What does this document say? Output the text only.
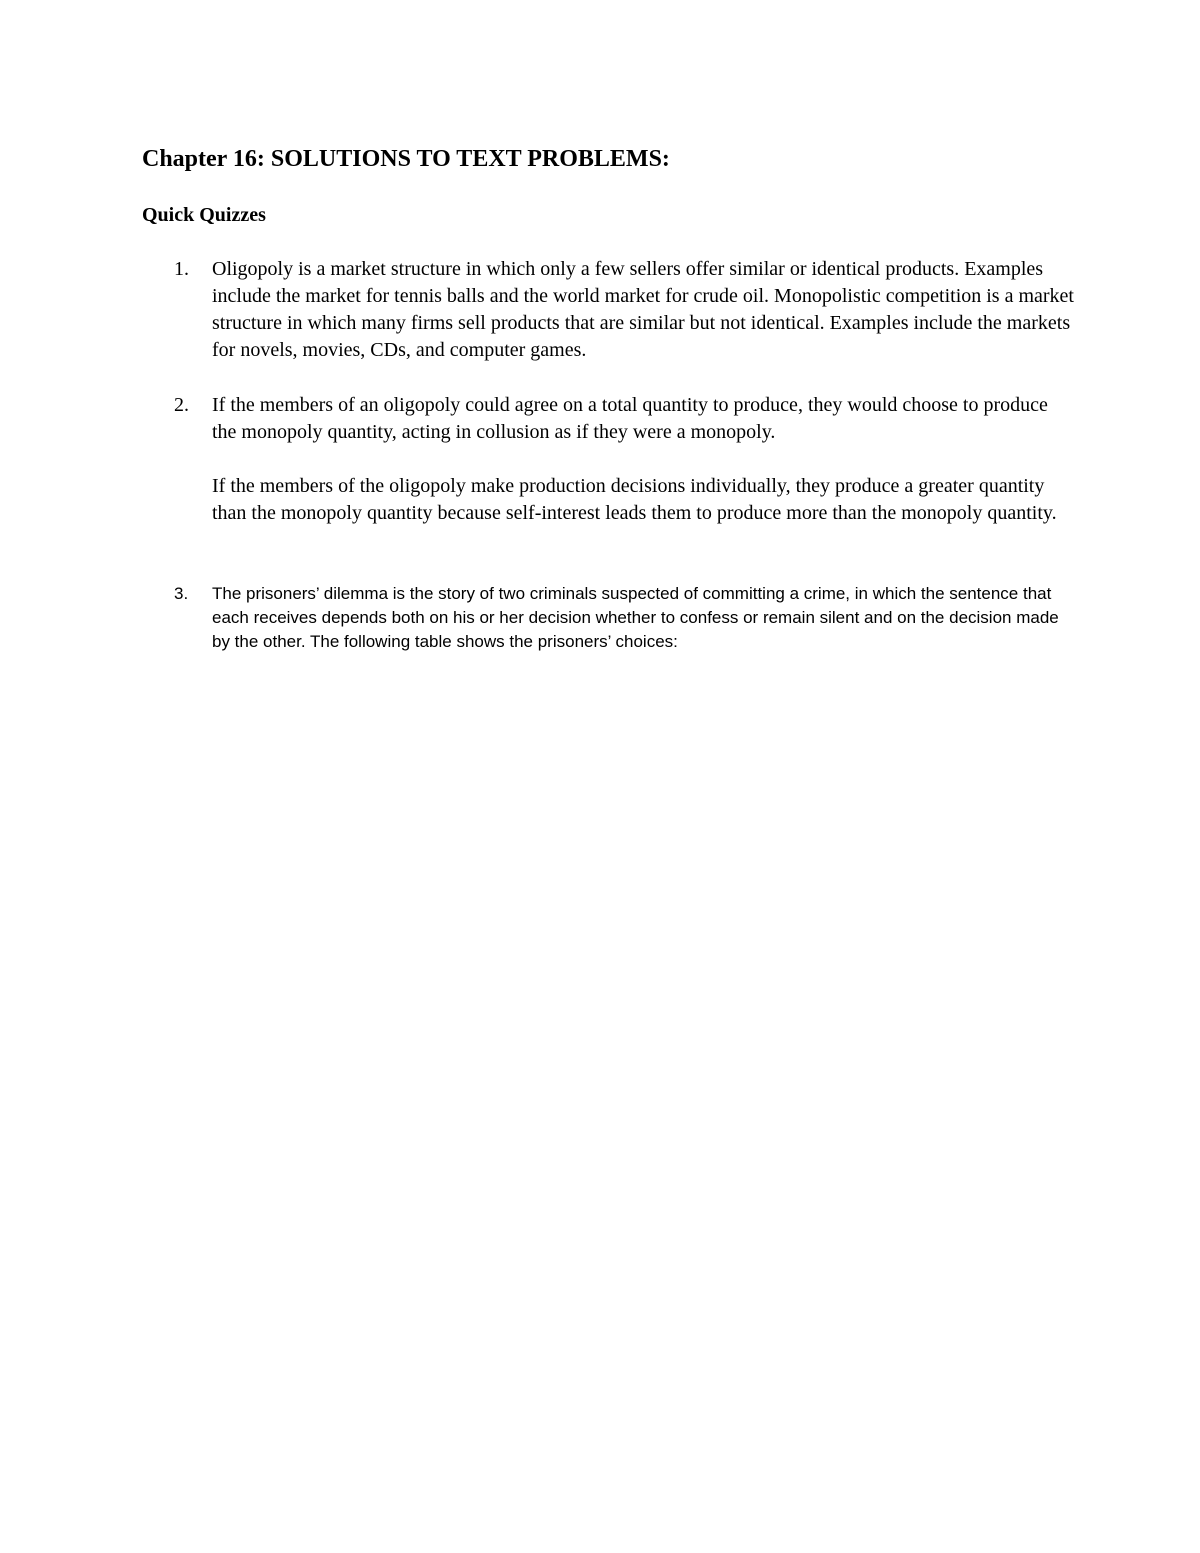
Chapter 16: SOLUTIONS TO TEXT PROBLEMS:
Quick Quizzes
1. Oligopoly is a market structure in which only a few sellers offer similar or identical products. Examples include the market for tennis balls and the world market for crude oil. Monopolistic competition is a market structure in which many firms sell products that are similar but not identical. Examples include the markets for novels, movies, CDs, and computer games.

2. If the members of an oligopoly could agree on a total quantity to produce, they would choose to produce the monopoly quantity, acting in collusion as if they were a monopoly.

If the members of the oligopoly make production decisions individually, they produce a greater quantity than the monopoly quantity because self-interest leads them to produce more than the monopoly quantity.

3. The prisoners’ dilemma is the story of two criminals suspected of committing a crime, in which the sentence that each receives depends both on his or her decision whether to confess or remain silent and on the decision made by the other. The following table shows the prisoners’ choices:
